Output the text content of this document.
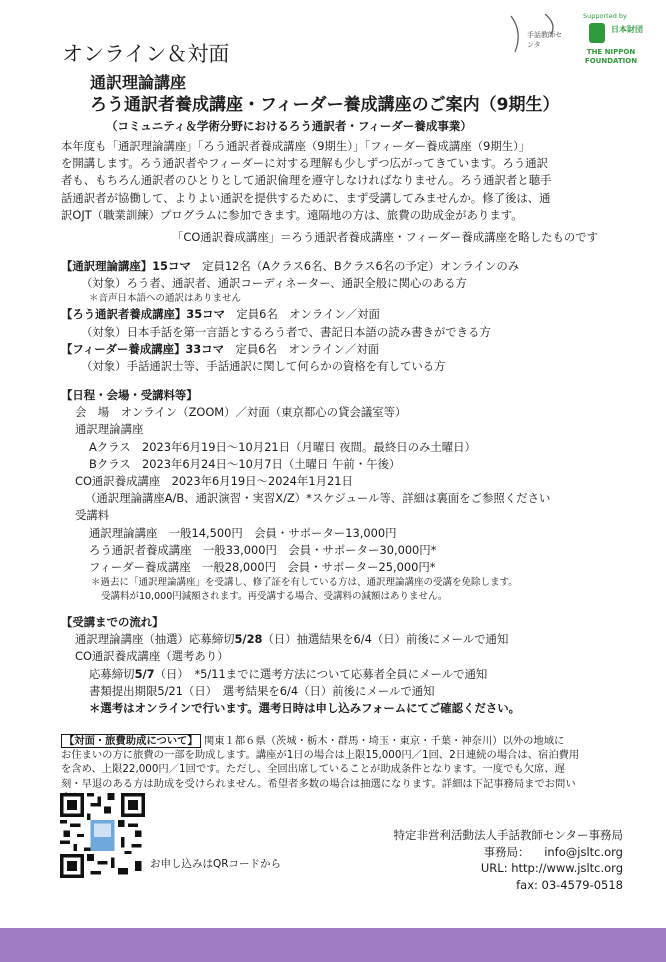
オンライン＆対面
手話教師センタ
Supported by
日本財団
THE NIPPON
FOUNDATION
通訳理論講座
ろう通訳者養成講座・フィーダー養成講座のご案内（9期生）
（コミュニティ＆学術分野におけるろう通訳者・フィーダー養成事業）
本年度も「通訳理論講座」「ろう通訳者養成講座（9期生）」「フィーダー養成講座（9期生）」
を開講します。ろう通訳者やフィーダーに対する理解も少しずつ広がってきています。ろう通訳
者も、もちろん通訳者のひとりとして通訳倫理を遵守しなければなりません。ろう通訳者と聴手
話通訳者が協働して、よりよい通訳を提供するために、まず受講してみませんか。修了後は、通
訳OJT（職業訓練）プログラムに参加できます。遠隔地の方は、旅費の助成金があります。
「CO通訳養成講座」＝ろう通訳者養成講座・フィーダー養成講座を略したものです
【通訳理論講座】15コマ　定員12名（Aクラス6名、Bクラス6名の予定）オンラインのみ
（対象）ろう者、通訳者、通訳コーディネーター、通訳全般に関心のある方
＊音声日本語への通訳はありません
【ろう通訳者養成講座】35コマ　定員6名　オンライン／対面
（対象）日本手話を第一言語とするろう者で、書記日本語の読み書きができる方
【フィーダー養成講座】33コマ　定員6名　オンライン／対面
（対象）手話通訳士等、手話通訳に関して何らかの資格を有している方
【日程・会場・受講料等】
会　場　オンライン（ZOOM）／対面（東京都心の貸会議室等）
通訳理論講座
Aクラス　2023年6月19日～10月21日（月曜日 夜間。最終日のみ土曜日）
Bクラス　2023年6月24日～10月7日（土曜日 午前・午後）
CO通訳養成講座　2023年6月19日～2024年1月21日
（通訳理論講座A/B、通訳演習・実習X/Z）*スケジュール等、詳細は裏面をご参照ください
受講料
通訳理論講座　一般14,500円　会員・サポーター13,000円
ろう通訳者養成講座　一般33,000円　会員・サポーター30,000円*
フィーダー養成講座　一般28,000円　会員・サポーター25,000円*
＊過去に「通訳理論講座」を受講し、修了証を有している方は、通訳理論講座の受講を免除します。
受講料が10,000円減額されます。再受講する場合、受講料の減額はありません。
【受講までの流れ】
通訳理論講座（抽選）応募締切5/28（日）抽選結果を6/4（日）前後にメールで通知
CO通訳養成講座（選考あり）
応募締切5/7（日）　*5/11までに選考方法について応募者全員にメールで通知
書類提出期限5/21（日）　選考結果を6/4（日）前後にメールで通知
＊選考はオンラインで行います。選考日時は申し込みフォームにてご確認ください。
【対面・旅費助成について】 関東１都６県（茨城・栃木・群馬・埼玉・東京・千葉・神奈川）以外の地域に
お住まいの方に旅費の一部を助成します。講座が1日の場合は上限15,000円／1回、2日連続の場合は、宿泊費用
を含め、上限22,000円／1回です。ただし、全回出席していることが助成条件となります。一度でも欠席、遅
刻・早退のある方は助成を受けられません。希望者多数の場合は抽選になります。詳細は下記事務局までお問い
お申し込みはQRコードから
特定非営利活動法人手話教師センター事務局
事務局： info@jsltc.org
URL: http://www.jsltc.org
fax: 03-4579-0518
